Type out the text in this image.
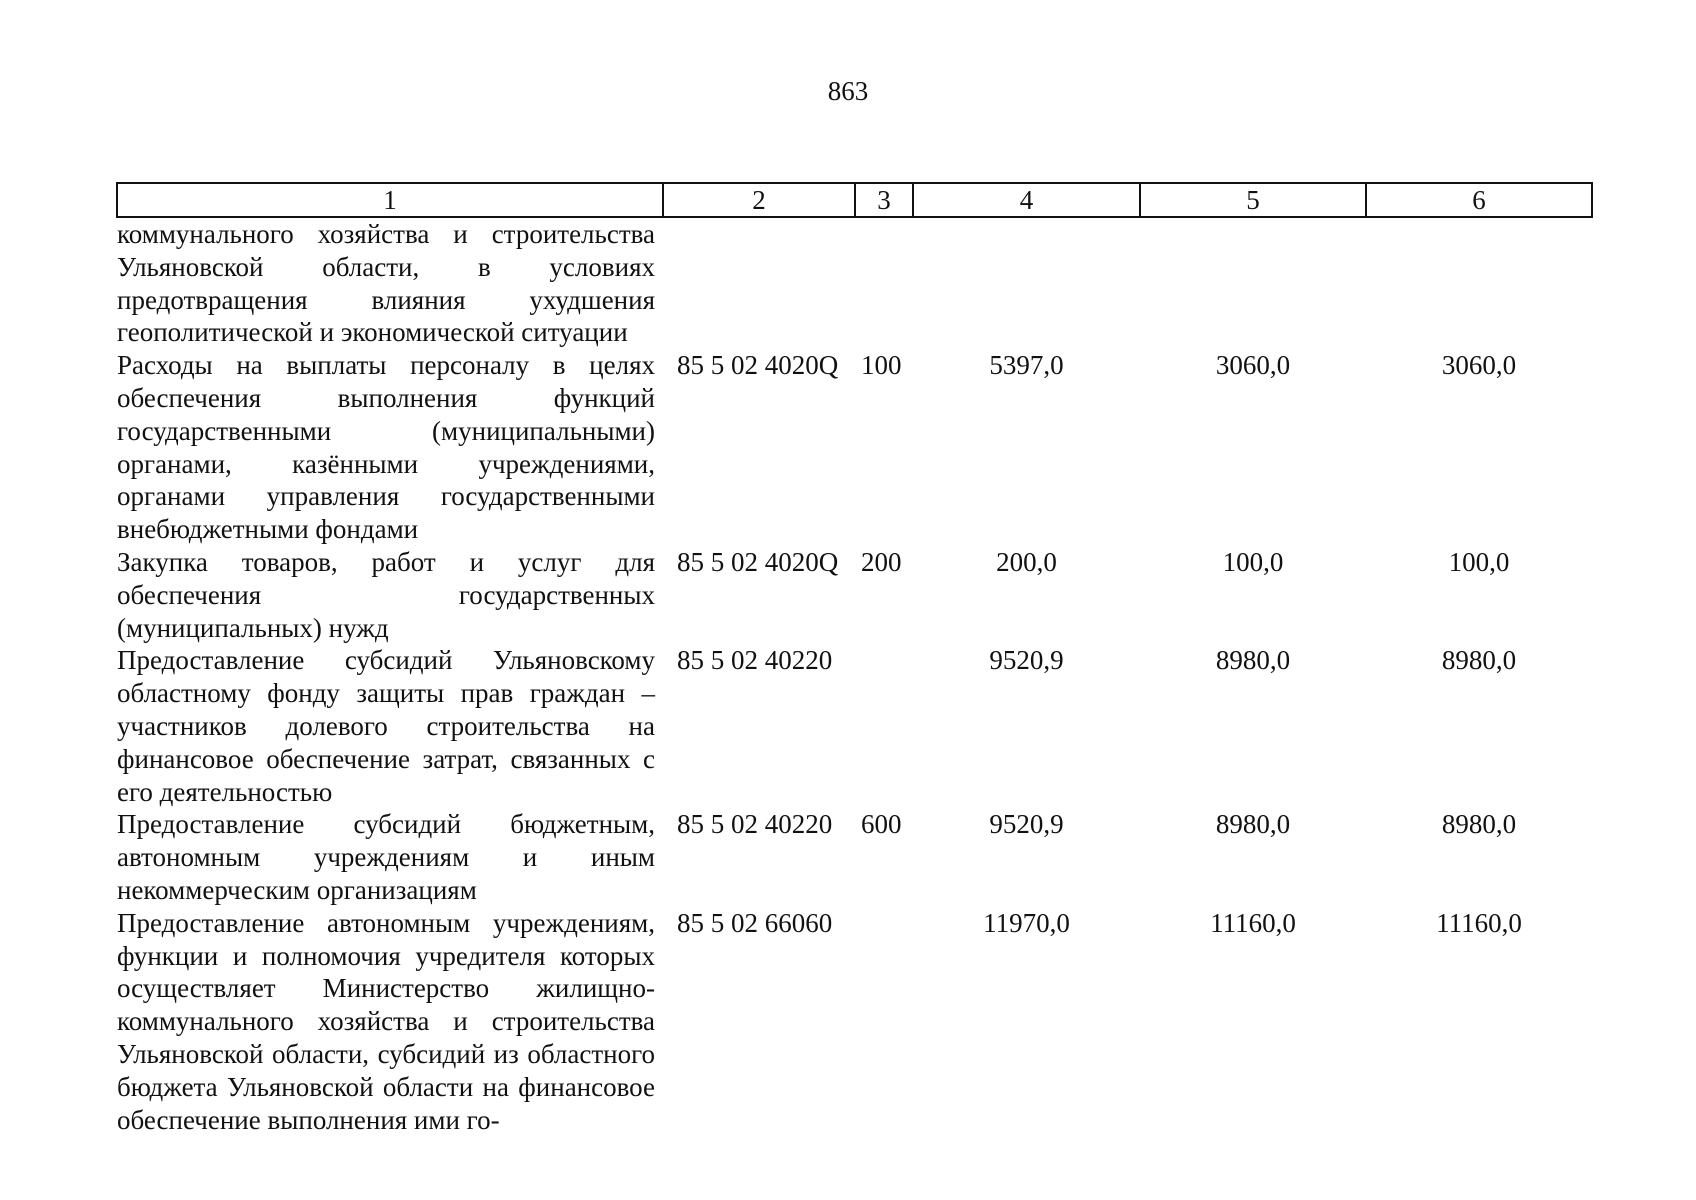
863
1	2	3	4	5	6
коммунального хозяйства и строительства Ульяновской области, в условиях предотвращения влияния ухудшения геополитической и экономической ситуации					
Расходы на выплаты персоналу в целях обеспечения выполнения функций государственными (муниципальными) органами, казёнными учреждениями, органами управления государственными внебюджетными фондами	85 5 02 4020Q	100	5397,0	3060,0	3060,0
Закупка товаров, работ и услуг для обеспечения государственных (муниципальных) нужд	85 5 02 4020Q	200	200,0	100,0	100,0
Предоставление субсидий Ульяновскому областному фонду защиты прав граждан – участников долевого строительства на финансовое обеспечение затрат, связанных с его деятельностью	85 5 02 40220		9520,9	8980,0	8980,0
Предоставление субсидий бюджетным, автономным учреждениям и иным некоммерческим организациям	85 5 02 40220	600	9520,9	8980,0	8980,0
Предоставление автономным учреждениям, функции и полномочия учредителя которых осуществляет Министерство жилищно-коммунального хозяйства и строительства Ульяновской области, субсидий из областного бюджета Ульяновской области на финансовое обеспечение выполнения ими го-	85 5 02 66060		11970,0	11160,0	11160,0
